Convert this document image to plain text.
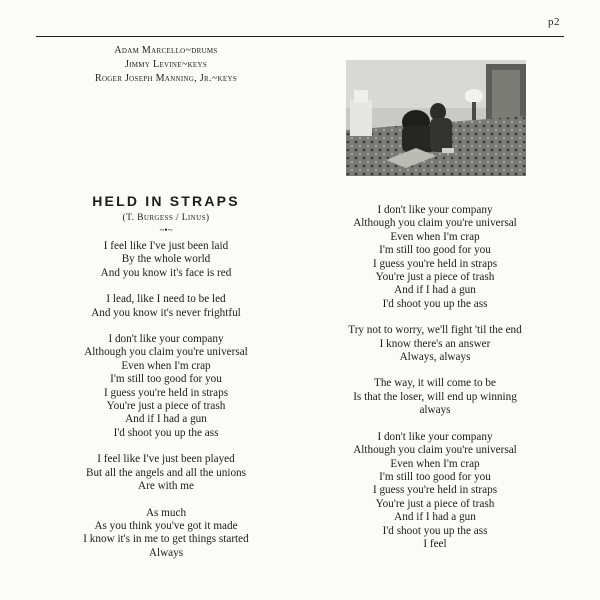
p2
Adam Marcello~drums
Jimmy Levine~keys
Roger Joseph Manning, Jr.~keys
HELD IN STRAPS
(T. Burgess / Linus)
~•~
I feel like I've just been laid
By the whole world
And you know it's face is red
I lead, like I need to be led
And you know it's never frightful
I don't like your company
Although you claim you're universal
Even when I'm crap
I'm still too good for you
I guess you're held in straps
You're just a piece of trash
And if I had a gun
I'd shoot you up the ass
I feel like I've just been played
But all the angels and all the unions
Are with me
As much
As you think you've got it made
I know it's in me to get things started
Always
I don't like your company
Although you claim you're universal
Even when I'm crap
I'm still too good for you
I guess you're held in straps
You're just a piece of trash
And if I had a gun
I'd shoot you up the ass
Try not to worry, we'll fight 'til the end
I know there's an answer
Always, always
The way, it will come to be
Is that the loser, will end up winning
always
I don't like your company
Although you claim you're universal
Even when I'm crap
I'm still too good for you
I guess you're held in straps
You're just a piece of trash
And if I had a gun
I'd shoot you up the ass
I feel
